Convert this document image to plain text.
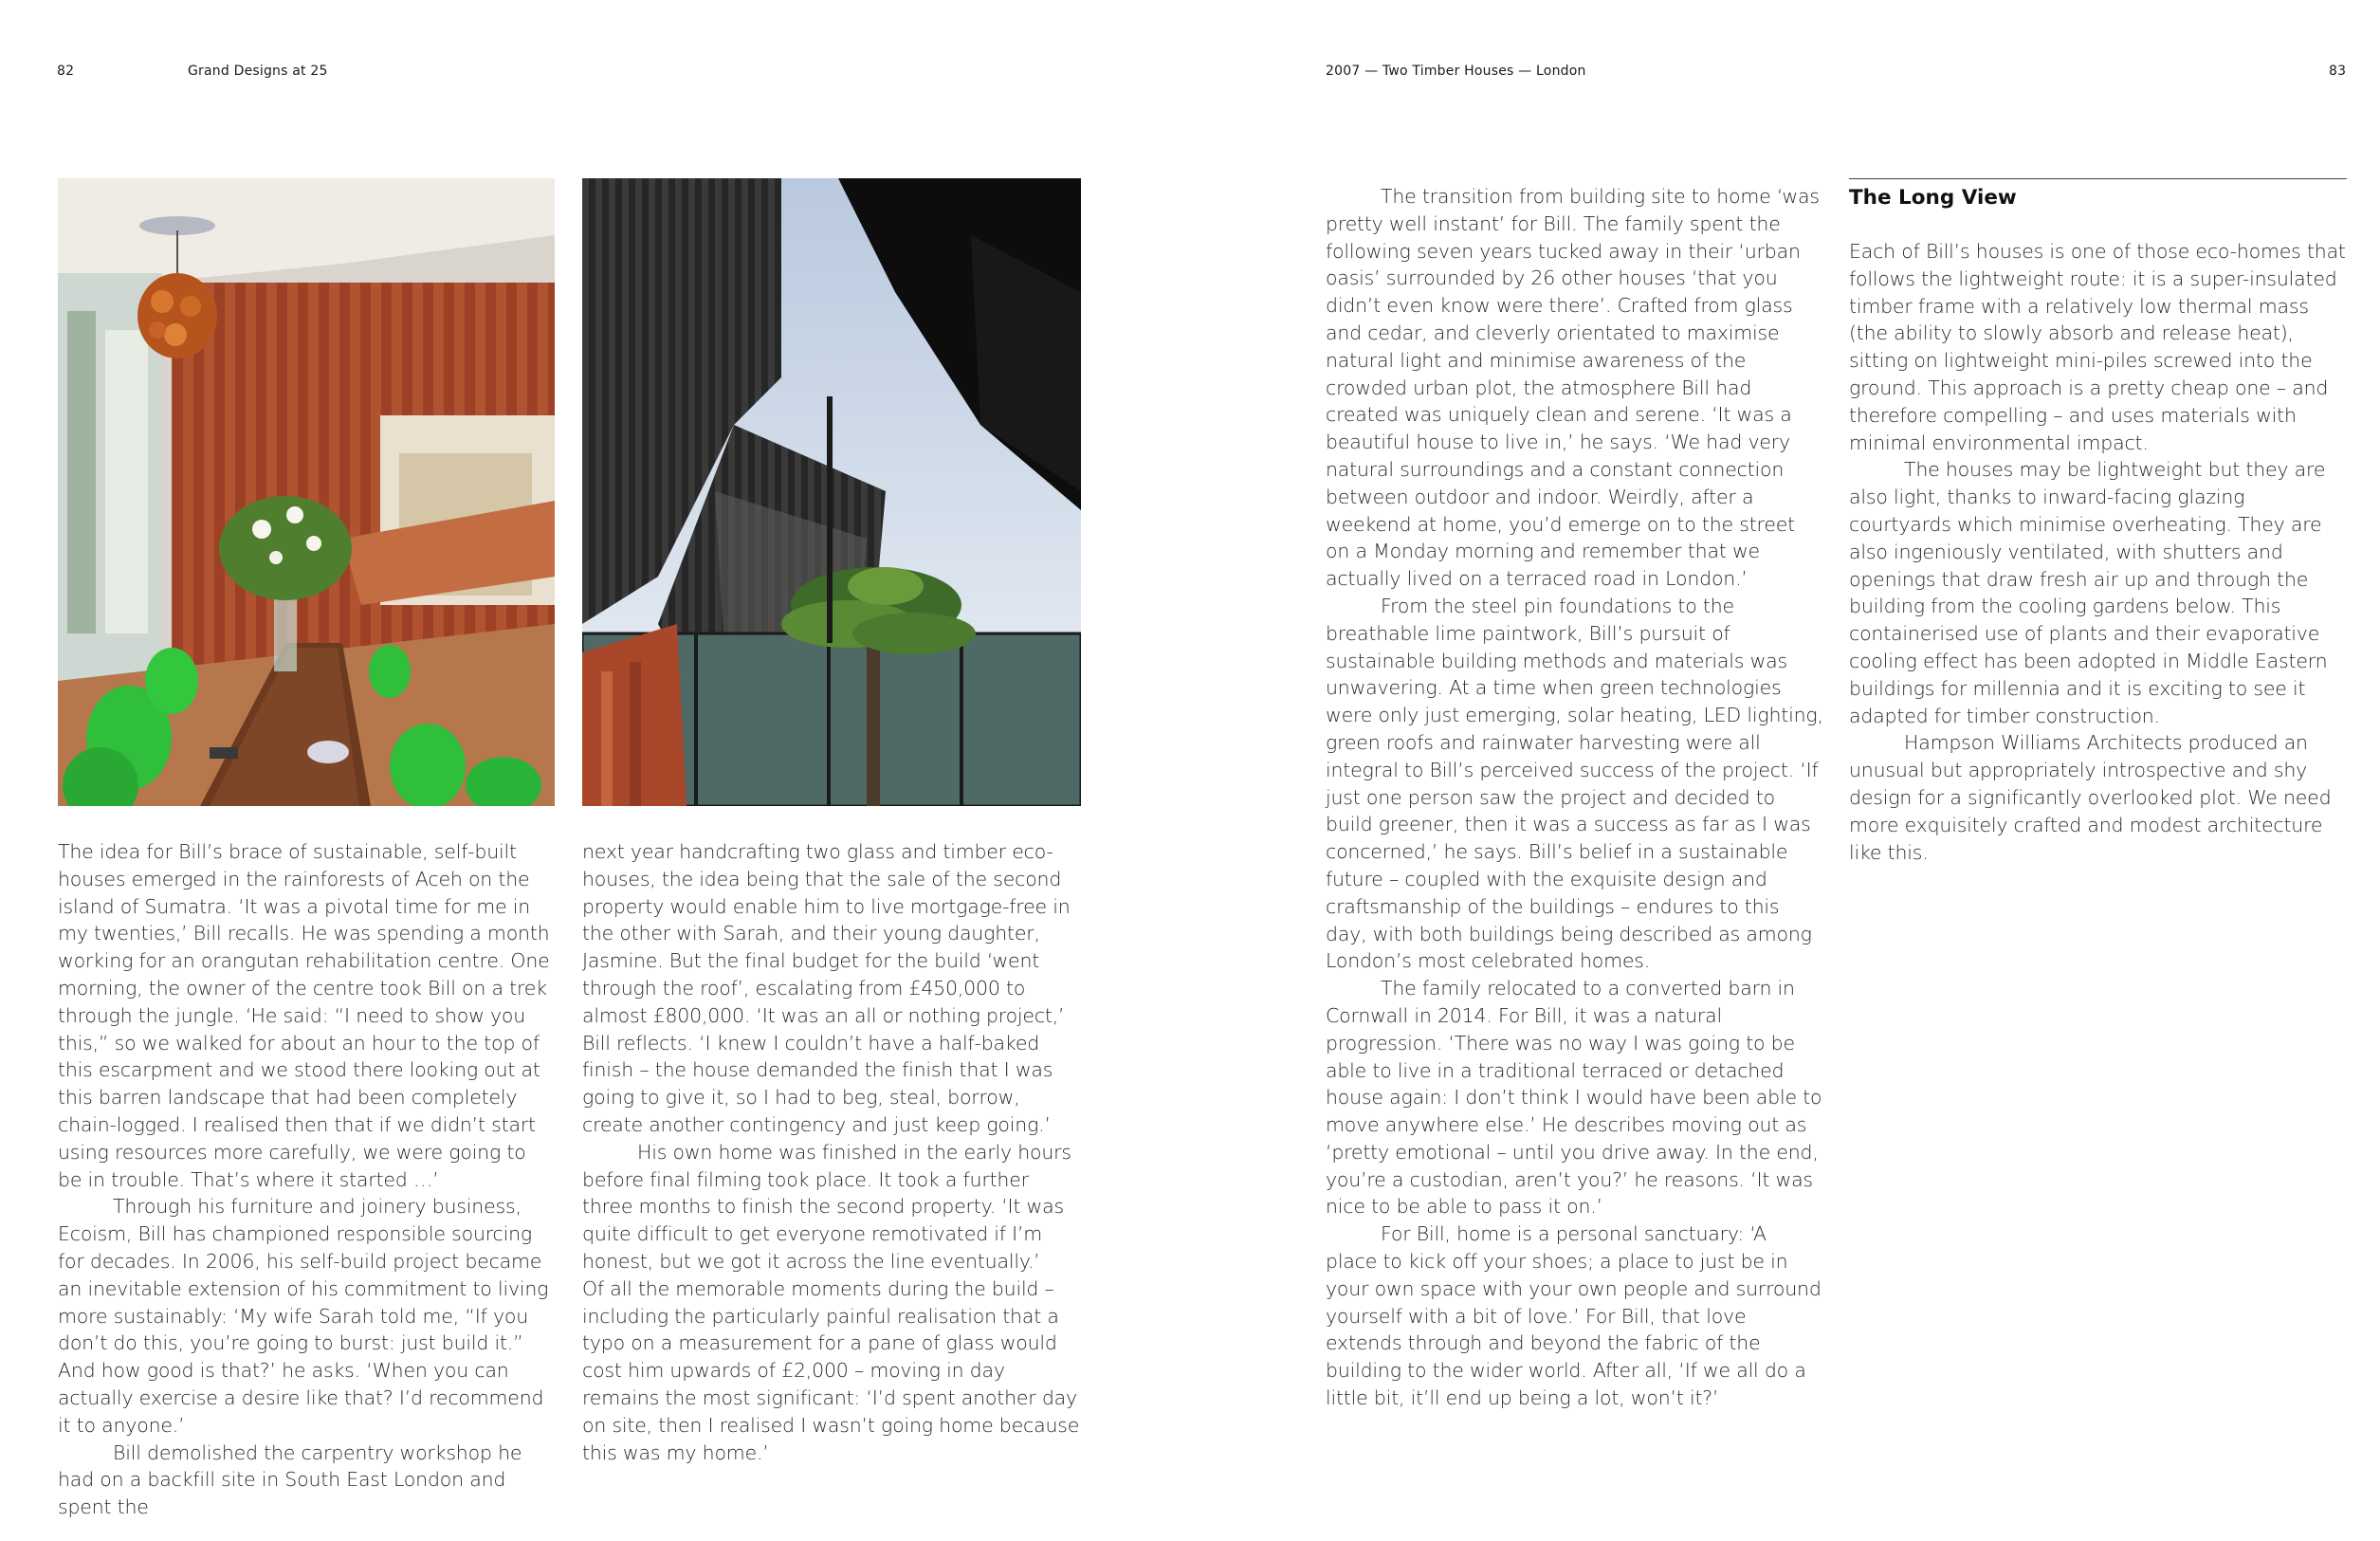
82	Grand Designs at 25	2007 — Two Timber Houses — London	83

The idea for Bill’s brace of sustainable, self-built houses emerged in the rainforests of Aceh on the island of Sumatra. ‘It was a pivotal time for me in my twenties,’ Bill recalls. He was spending a month working for an orangutan rehabilitation centre. One morning, the owner of the centre took Bill on a trek through the jungle. ‘He said: “I need to show you this,” so we walked for about an hour to the top of this escarpment and we stood there looking out at this barren landscape that had been completely chain-logged. I realised then that if we didn’t start using resources more carefully, we were going to be in trouble. That’s where it started …’

Through his furniture and joinery business, Ecoism, Bill has championed responsible sourcing for decades. In 2006, his self-build project became an inevitable extension of his commitment to living more sustainably: ‘My wife Sarah told me, “If you don’t do this, you’re going to burst: just build it.” And how good is that?’ he asks. ‘When you can actually exercise a desire like that? I’d recommend it to anyone.’

Bill demolished the carpentry workshop he had on a backfill site in South East London and spent the

next year handcrafting two glass and timber eco-houses, the idea being that the sale of the second property would enable him to live mortgage-free in the other with Sarah, and their young daughter, Jasmine. But the final budget for the build ‘went through the roof’, escalating from £450,000 to almost £800,000. ‘It was an all or nothing project,’ Bill reflects. ‘I knew I couldn’t have a half-baked finish – the house demanded the finish that I was going to give it, so I had to beg, steal, borrow, create another contingency and just keep going.’

His own home was finished in the early hours before final filming took place. It took a further three months to finish the second property. ‘It was quite difficult to get everyone remotivated if I’m honest, but we got it across the line eventually.’

Of all the memorable moments during the build – including the particularly painful realisation that a typo on a measurement for a pane of glass would cost him upwards of £2,000 – moving in day remains the most significant: ‘I’d spent another day on site, then I realised I wasn’t going home because this was my home.’

The transition from building site to home ‘was pretty well instant’ for Bill. The family spent the following seven years tucked away in their ‘urban oasis’ surrounded by 26 other houses ‘that you didn’t even know were there’. Crafted from glass and cedar, and cleverly orientated to maximise natural light and minimise awareness of the crowded urban plot, the atmosphere Bill had created was uniquely clean and serene. ‘It was a beautiful house to live in,’ he says. ‘We had very natural surroundings and a constant connection between outdoor and indoor. Weirdly, after a weekend at home, you’d emerge on to the street on a Monday morning and remember that we actually lived on a terraced road in London.’

From the steel pin foundations to the breathable lime paintwork, Bill’s pursuit of sustainable building methods and materials was unwavering. At a time when green technologies were only just emerging, solar heating, LED lighting, green roofs and rainwater harvesting were all integral to Bill’s perceived success of the project. ‘If just one person saw the project and decided to build greener, then it was a success as far as I was concerned,’ he says. Bill’s belief in a sustainable future – coupled with the exquisite design and craftsmanship of the buildings – endures to this day, with both buildings being described as among London’s most celebrated homes.

The family relocated to a converted barn in Cornwall in 2014. For Bill, it was a natural progression. ‘There was no way I was going to be able to live in a traditional terraced or detached house again: I don’t think I would have been able to move anywhere else.’ He describes moving out as ‘pretty emotional – until you drive away. In the end, you’re a custodian, aren’t you?’ he reasons. ‘It was nice to be able to pass it on.’

For Bill, home is a personal sanctuary: ‘A place to kick off your shoes; a place to just be in your own space with your own people and surround yourself with a bit of love.’ For Bill, that love extends through and beyond the fabric of the building to the wider world. After all, ‘If we all do a little bit, it’ll end up being a lot, won’t it?’

The Long View

Each of Bill’s houses is one of those eco-homes that follows the lightweight route: it is a super-insulated timber frame with a relatively low thermal mass (the ability to slowly absorb and release heat), sitting on lightweight mini-piles screwed into the ground. This approach is a pretty cheap one – and therefore compelling – and uses materials with minimal environmental impact.

The houses may be lightweight but they are also light, thanks to inward-facing glazing courtyards which minimise overheating. They are also ingeniously ventilated, with shutters and openings that draw fresh air up and through the building from the cooling gardens below. This containerised use of plants and their evaporative cooling effect has been adopted in Middle Eastern buildings for millennia and it is exciting to see it adapted for timber construction.

Hampson Williams Architects produced an unusual but appropriately introspective and shy design for a significantly overlooked plot. We need more exquisitely crafted and modest architecture like this.
